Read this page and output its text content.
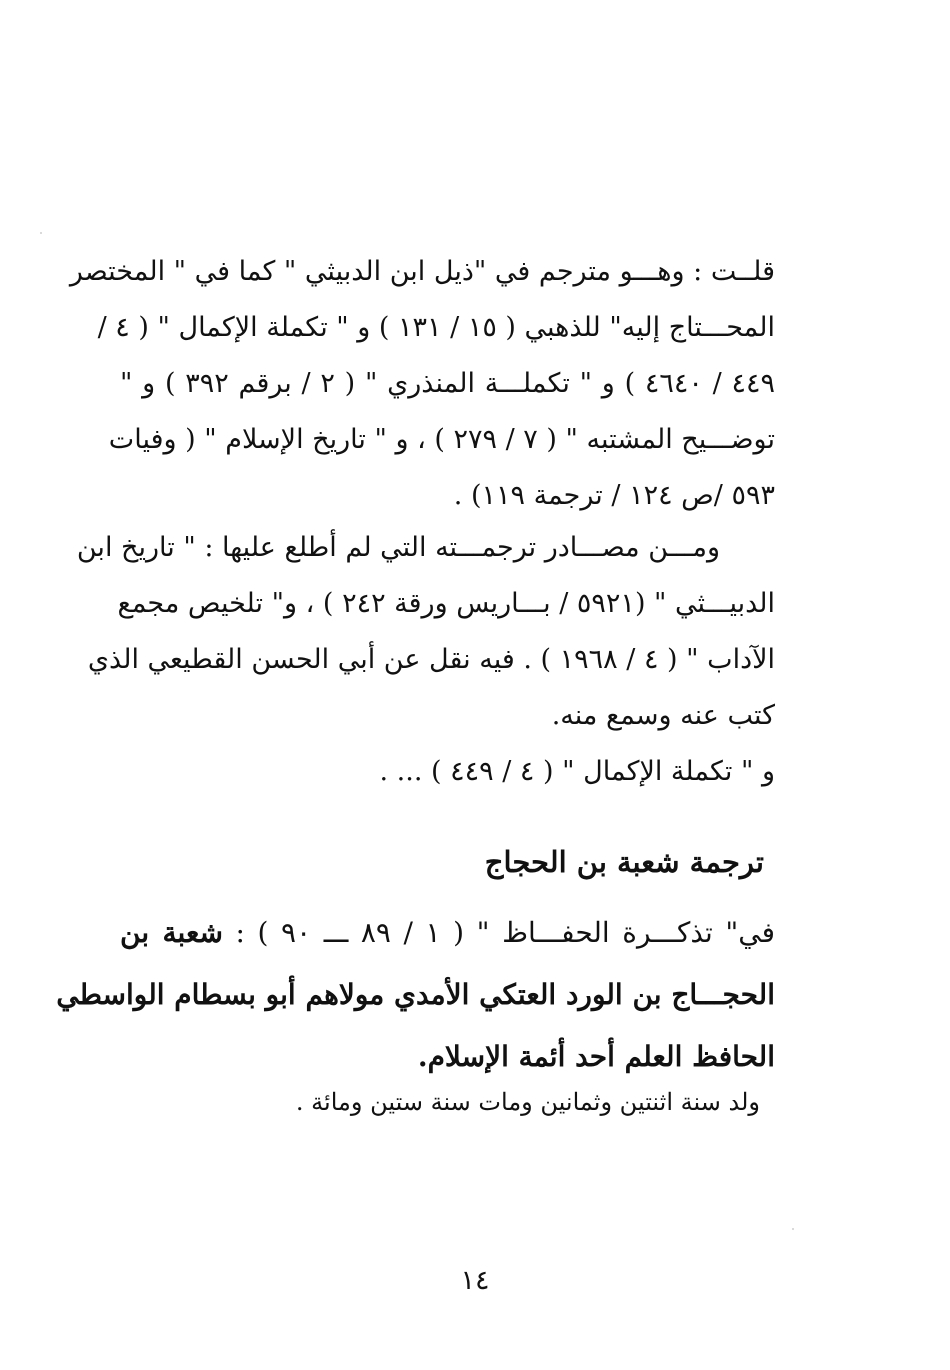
قلــت : وهـــو مترجم في "ذيل ابن الدبيثي " كما في " المختصر
المحـــتاج إليه" للذهبي ( ١٥ / ١٣١ ) و " تكملة الإكمال " ( ٤ /
٤٤٩ / ٤٦٤٠ ) و " تكملـــة المنذري " ( ٢ / برقم ٣٩٢ ) و "
توضـــيح المشتبه " ( ٧ / ٢٧٩ ) ، و " تاريخ الإسلام " ( وفيات
٥٩٣ /ص ١٢٤ / ترجمة ١١٩) .
ومـــن مصـــادر ترجمـــته التي لم أطلع عليها : " تاريخ ابن
الدبيـــثي " (٥٩٢١ / بـــاريس ورقة ٢٤٢ ) ، و" تلخيص مجمع
الآداب " ( ٤ / ١٩٦٨ ) . فيه نقل عن أبي الحسن القطيعي الذي
كتب عنه وسمع منه.
و " تكملة الإكمال " ( ٤ / ٤٤٩ ) ... .
ترجمة شعبة بن الحجاج
في" تذكـــرة الحفـــاظ " ( ١ / ٨٩ ـــ ٩٠ ) : شعبة بن
الحجـــاج بن الورد العتكي الأمدي مولاهم أبو بسطام الواسطي
الحافظ العلم أحد أئمة الإسلام.
ولد سنة اثنتين وثمانين ومات سنة ستين ومائة .
١٤
